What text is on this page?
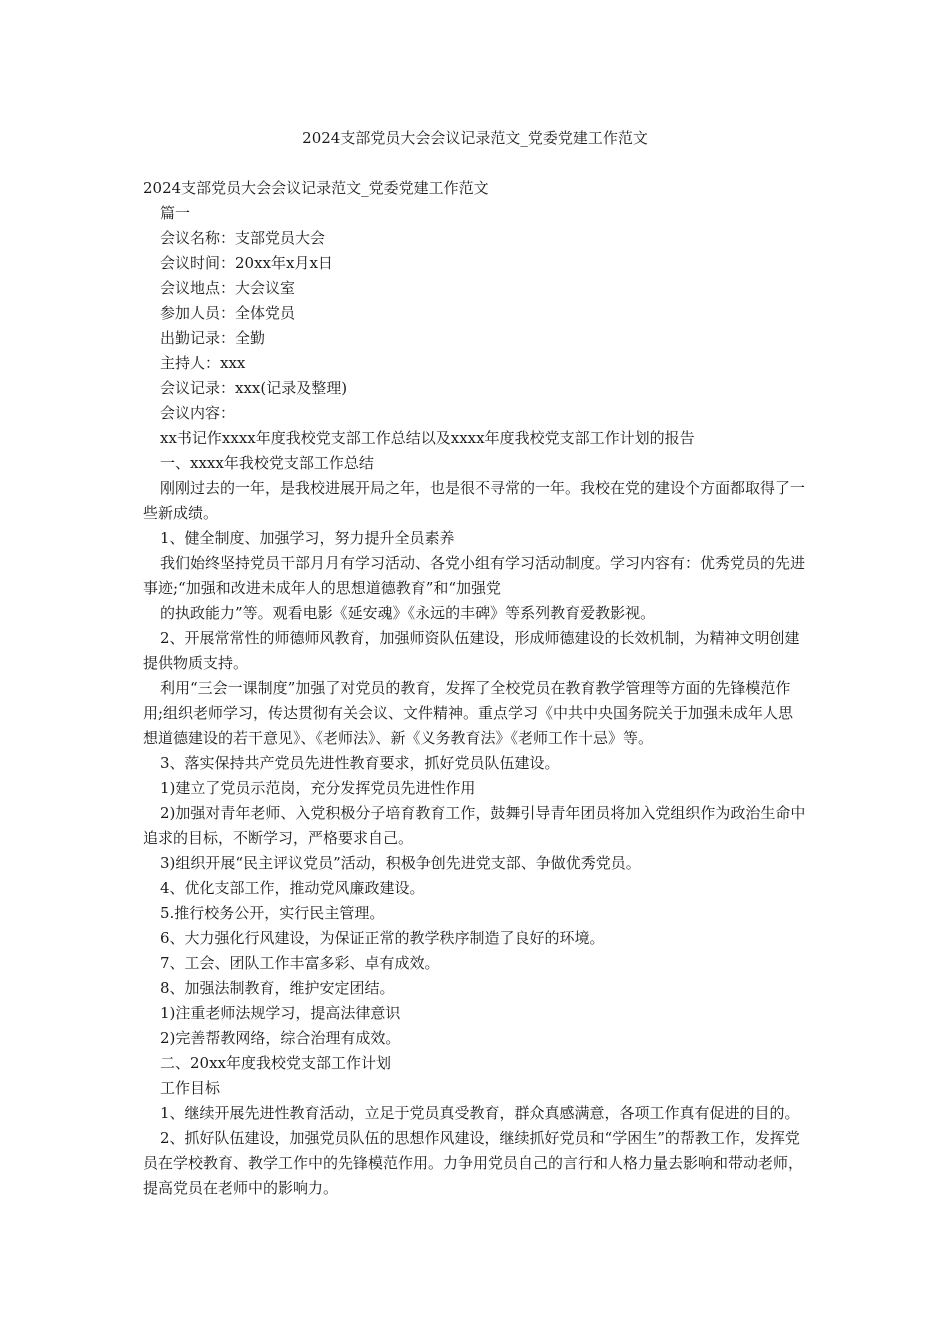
2024支部党员大会会议记录范文_党委党建工作范文

2024支部党员大会会议记录范文_党委党建工作范文

篇一

会议名称：支部党员大会

会议时间：20xx年x月x日

会议地点：大会议室

参加人员：全体党员

出勤记录：全勤

主持人：xxx

会议记录：xxx(记录及整理)

会议内容：

xx书记作xxxx年度我校党支部工作总结以及xxxx年度我校党支部工作计划的报告

一、xxxx年我校党支部工作总结

刚刚过去的一年，是我校进展开局之年，也是很不寻常的一年。我校在党的建设个方面都取得了一些新成绩。

1、健全制度、加强学习，努力提升全员素养

我们始终坚持党员干部月月有学习活动、各党小组有学习活动制度。学习内容有：优秀党员的先进事迹;“加强和改进未成年人的思想道德教育”和“加强党

的执政能力”等。观看电影《延安魂》《永远的丰碑》等系列教育爱教影视。

2、开展常常性的师德师风教育，加强师资队伍建设，形成师德建设的长效机制，为精神文明创建提供物质支持。

利用“三会一课制度”加强了对党员的教育，发挥了全校党员在教育教学管理等方面的先锋模范作用;组织老师学习，传达贯彻有关会议、文件精神。重点学习《中共中央国务院关于加强未成年人思想道德建设的若干意见》、《老师法》、新《义务教育法》《老师工作十忌》等。

3、落实保持共产党员先进性教育要求，抓好党员队伍建设。

1)建立了党员示范岗，充分发挥党员先进性作用

2)加强对青年老师、入党积极分子培育教育工作，鼓舞引导青年团员将加入党组织作为政治生命中追求的目标，不断学习，严格要求自己。

3)组织开展“民主评议党员”活动，积极争创先进党支部、争做优秀党员。

4、优化支部工作，推动党风廉政建设。

5.推行校务公开，实行民主管理。

6、大力强化行风建设，为保证正常的教学秩序制造了良好的环境。

7、工会、团队工作丰富多彩、卓有成效。

8、加强法制教育，维护安定团结。

1)注重老师法规学习，提高法律意识

2)完善帮教网络，综合治理有成效。

二、20xx年度我校党支部工作计划

工作目标

1、继续开展先进性教育活动，立足于党员真受教育，群众真感满意，各项工作真有促进的目的。

2、抓好队伍建设，加强党员队伍的思想作风建设，继续抓好党员和“学困生”的帮教工作，发挥党员在学校教育、教学工作中的先锋模范作用。力争用党员自己的言行和人格力量去影响和带动老师，提高党员在老师中的影响力。
